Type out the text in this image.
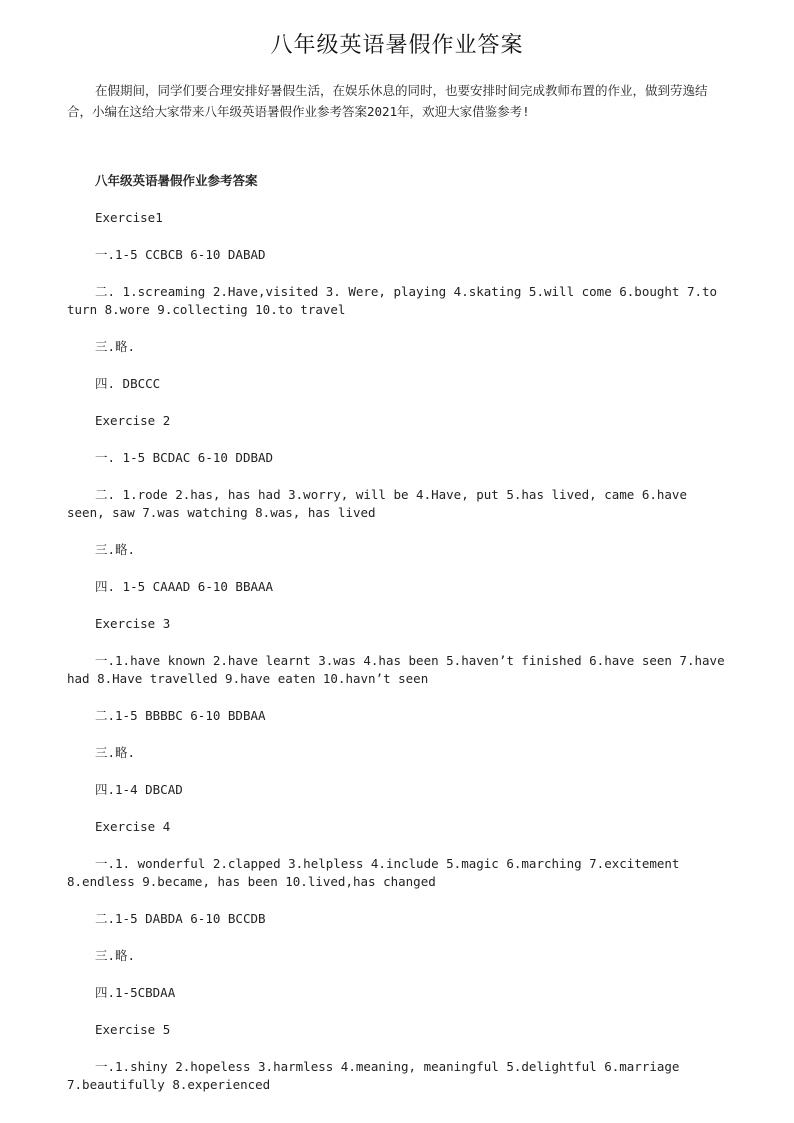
八年级英语暑假作业答案

在假期间，同学们要合理安排好暑假生活，在娱乐休息的同时，也要安排时间完成教师布置的作业，做到劳逸结合，小编在这给大家带来八年级英语暑假作业参考答案2021年，欢迎大家借鉴参考!

八年级英语暑假作业参考答案

Exercise1

一.1-5 CCBCB 6-10 DABAD

二. 1.screaming 2.Have,visited 3. Were, playing 4.skating 5.will come 6.bought 7.to turn 8.wore 9.collecting 10.to travel

三.略.

四. DBCCC

Exercise 2

一. 1-5 BCDAC 6-10 DDBAD

二. 1.rode 2.has, has had 3.worry, will be 4.Have, put 5.has lived, came 6.have seen, saw 7.was watching 8.was, has lived

三.略.

四. 1-5 CAAAD 6-10 BBAAA

Exercise 3

一.1.have known 2.have learnt 3.was 4.has been 5.haven’t finished 6.have seen 7.have had 8.Have travelled 9.have eaten 10.havn’t seen

二.1-5 BBBBC 6-10 BDBAA

三.略.

四.1-4 DBCAD

Exercise 4

一.1. wonderful 2.clapped 3.helpless 4.include 5.magic 6.marching 7.excitement 8.endless 9.became, has been 10.lived,has changed

二.1-5 DABDA 6-10 BCCDB

三.略.

四.1-5CBDAA

Exercise 5

一.1.shiny 2.hopeless 3.harmless 4.meaning, meaningful 5.delightful 6.marriage 7.beautifully 8.experienced
